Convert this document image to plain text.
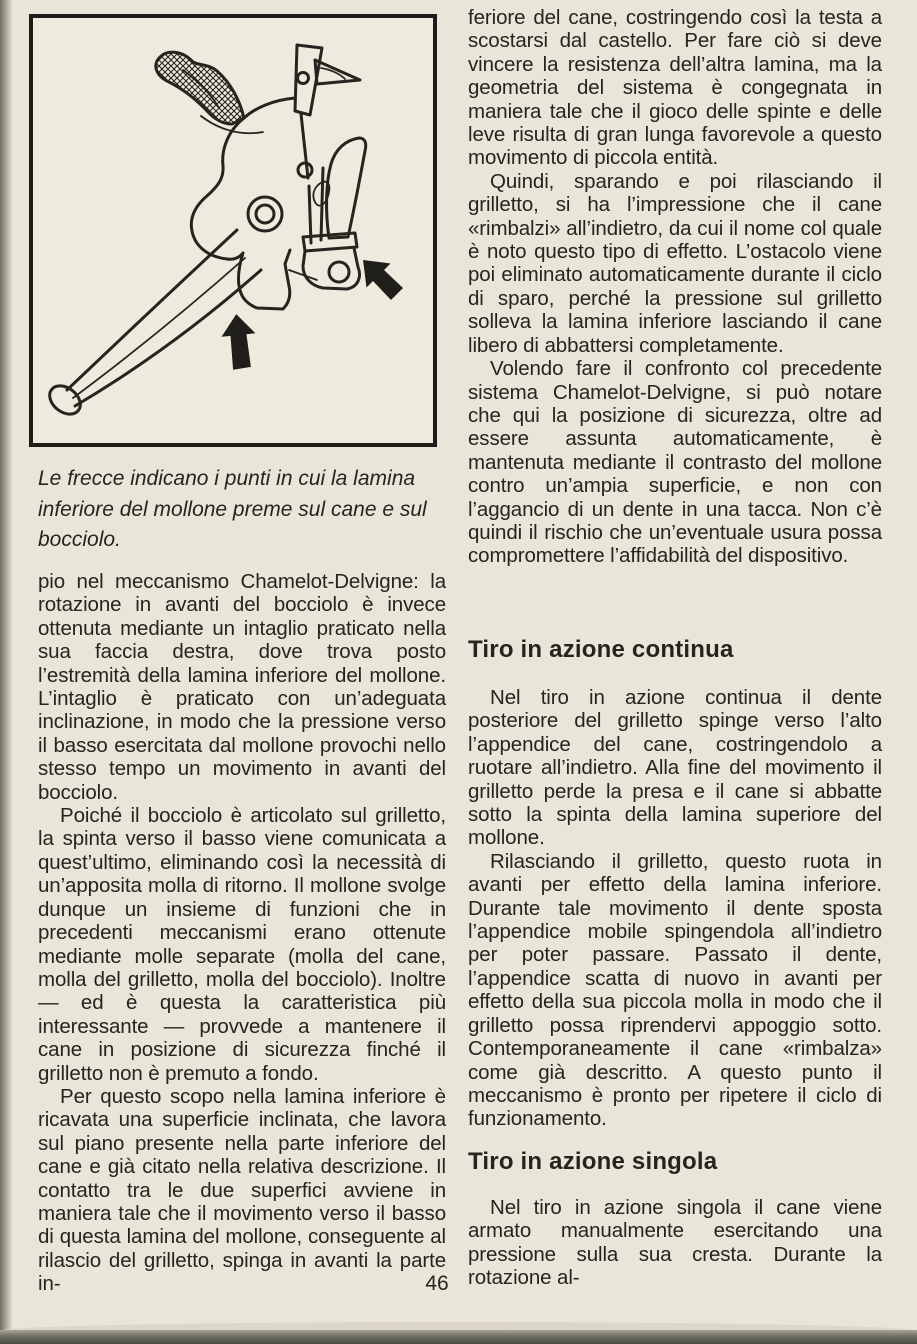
Le frecce indicano i punti in cui la lamina inferiore del mollone preme sul cane e sul bocciolo.

pio nel meccanismo Chamelot-Delvigne: la rotazione in avanti del bocciolo è invece ottenuta mediante un intaglio praticato nella sua faccia destra, dove trova posto l’estremità della lamina inferiore del mollone. L’intaglio è praticato con un’adeguata inclinazione, in modo che la pressione verso il basso esercitata dal mollone provochi nello stesso tempo un movimento in avanti del bocciolo.

Poiché il bocciolo è articolato sul grilletto, la spinta verso il basso viene comunicata a quest’ultimo, eliminando così la necessità di un’apposita molla di ritorno. Il mollone svolge dunque un insieme di funzioni che in precedenti meccanismi erano ottenute mediante molle separate (molla del cane, molla del grilletto, molla del bocciolo). Inoltre — ed è questa la caratteristica più interessante — provvede a mantenere il cane in posizione di sicurezza finché il grilletto non è premuto a fondo.

Per questo scopo nella lamina inferiore è ricavata una superficie inclinata, che lavora sul piano presente nella parte inferiore del cane e già citato nella relativa descrizione. Il contatto tra le due superfici avviene in maniera tale che il movimento verso il basso di questa lamina del mollone, conseguente al rilascio del grilletto, spinga in avanti la parte in-

feriore del cane, costringendo così la testa a scostarsi dal castello. Per fare ciò si deve vincere la resistenza dell’altra lamina, ma la geometria del sistema è congegnata in maniera tale che il gioco delle spinte e delle leve risulta di gran lunga favorevole a questo movimento di piccola entità.

Quindi, sparando e poi rilasciando il grilletto, si ha l’impressione che il cane «rimbalzi» all’indietro, da cui il nome col quale è noto questo tipo di effetto. L’ostacolo viene poi eliminato automaticamente durante il ciclo di sparo, perché la pressione sul grilletto solleva la lamina inferiore lasciando il cane libero di abbattersi completamente.

Volendo fare il confronto col precedente sistema Chamelot-Delvigne, si può notare che qui la posizione di sicurezza, oltre ad essere assunta automaticamente, è mantenuta mediante il contrasto del mollone contro un’ampia superficie, e non con l’aggancio di un dente in una tacca. Non c’è quindi il rischio che un’eventuale usura possa compromettere l’affidabilità del dispositivo.

Tiro in azione continua

Nel tiro in azione continua il dente posteriore del grilletto spinge verso l’alto l’appendice del cane, costringendolo a ruotare all’indietro. Alla fine del movimento il grilletto perde la presa e il cane si abbatte sotto la spinta della lamina superiore del mollone.

Rilasciando il grilletto, questo ruota in avanti per effetto della lamina inferiore. Durante tale movimento il dente sposta l’appendice mobile spingendola all’indietro per poter passare. Passato il dente, l’appendice scatta di nuovo in avanti per effetto della sua piccola molla in modo che il grilletto possa riprendervi appoggio sotto. Contemporaneamente il cane «rimbalza» come già descritto. A questo punto il meccanismo è pronto per ripetere il ciclo di funzionamento.

Tiro in azione singola

Nel tiro in azione singola il cane viene armato manualmente esercitando una pressione sulla sua cresta. Durante la rotazione al-

46
